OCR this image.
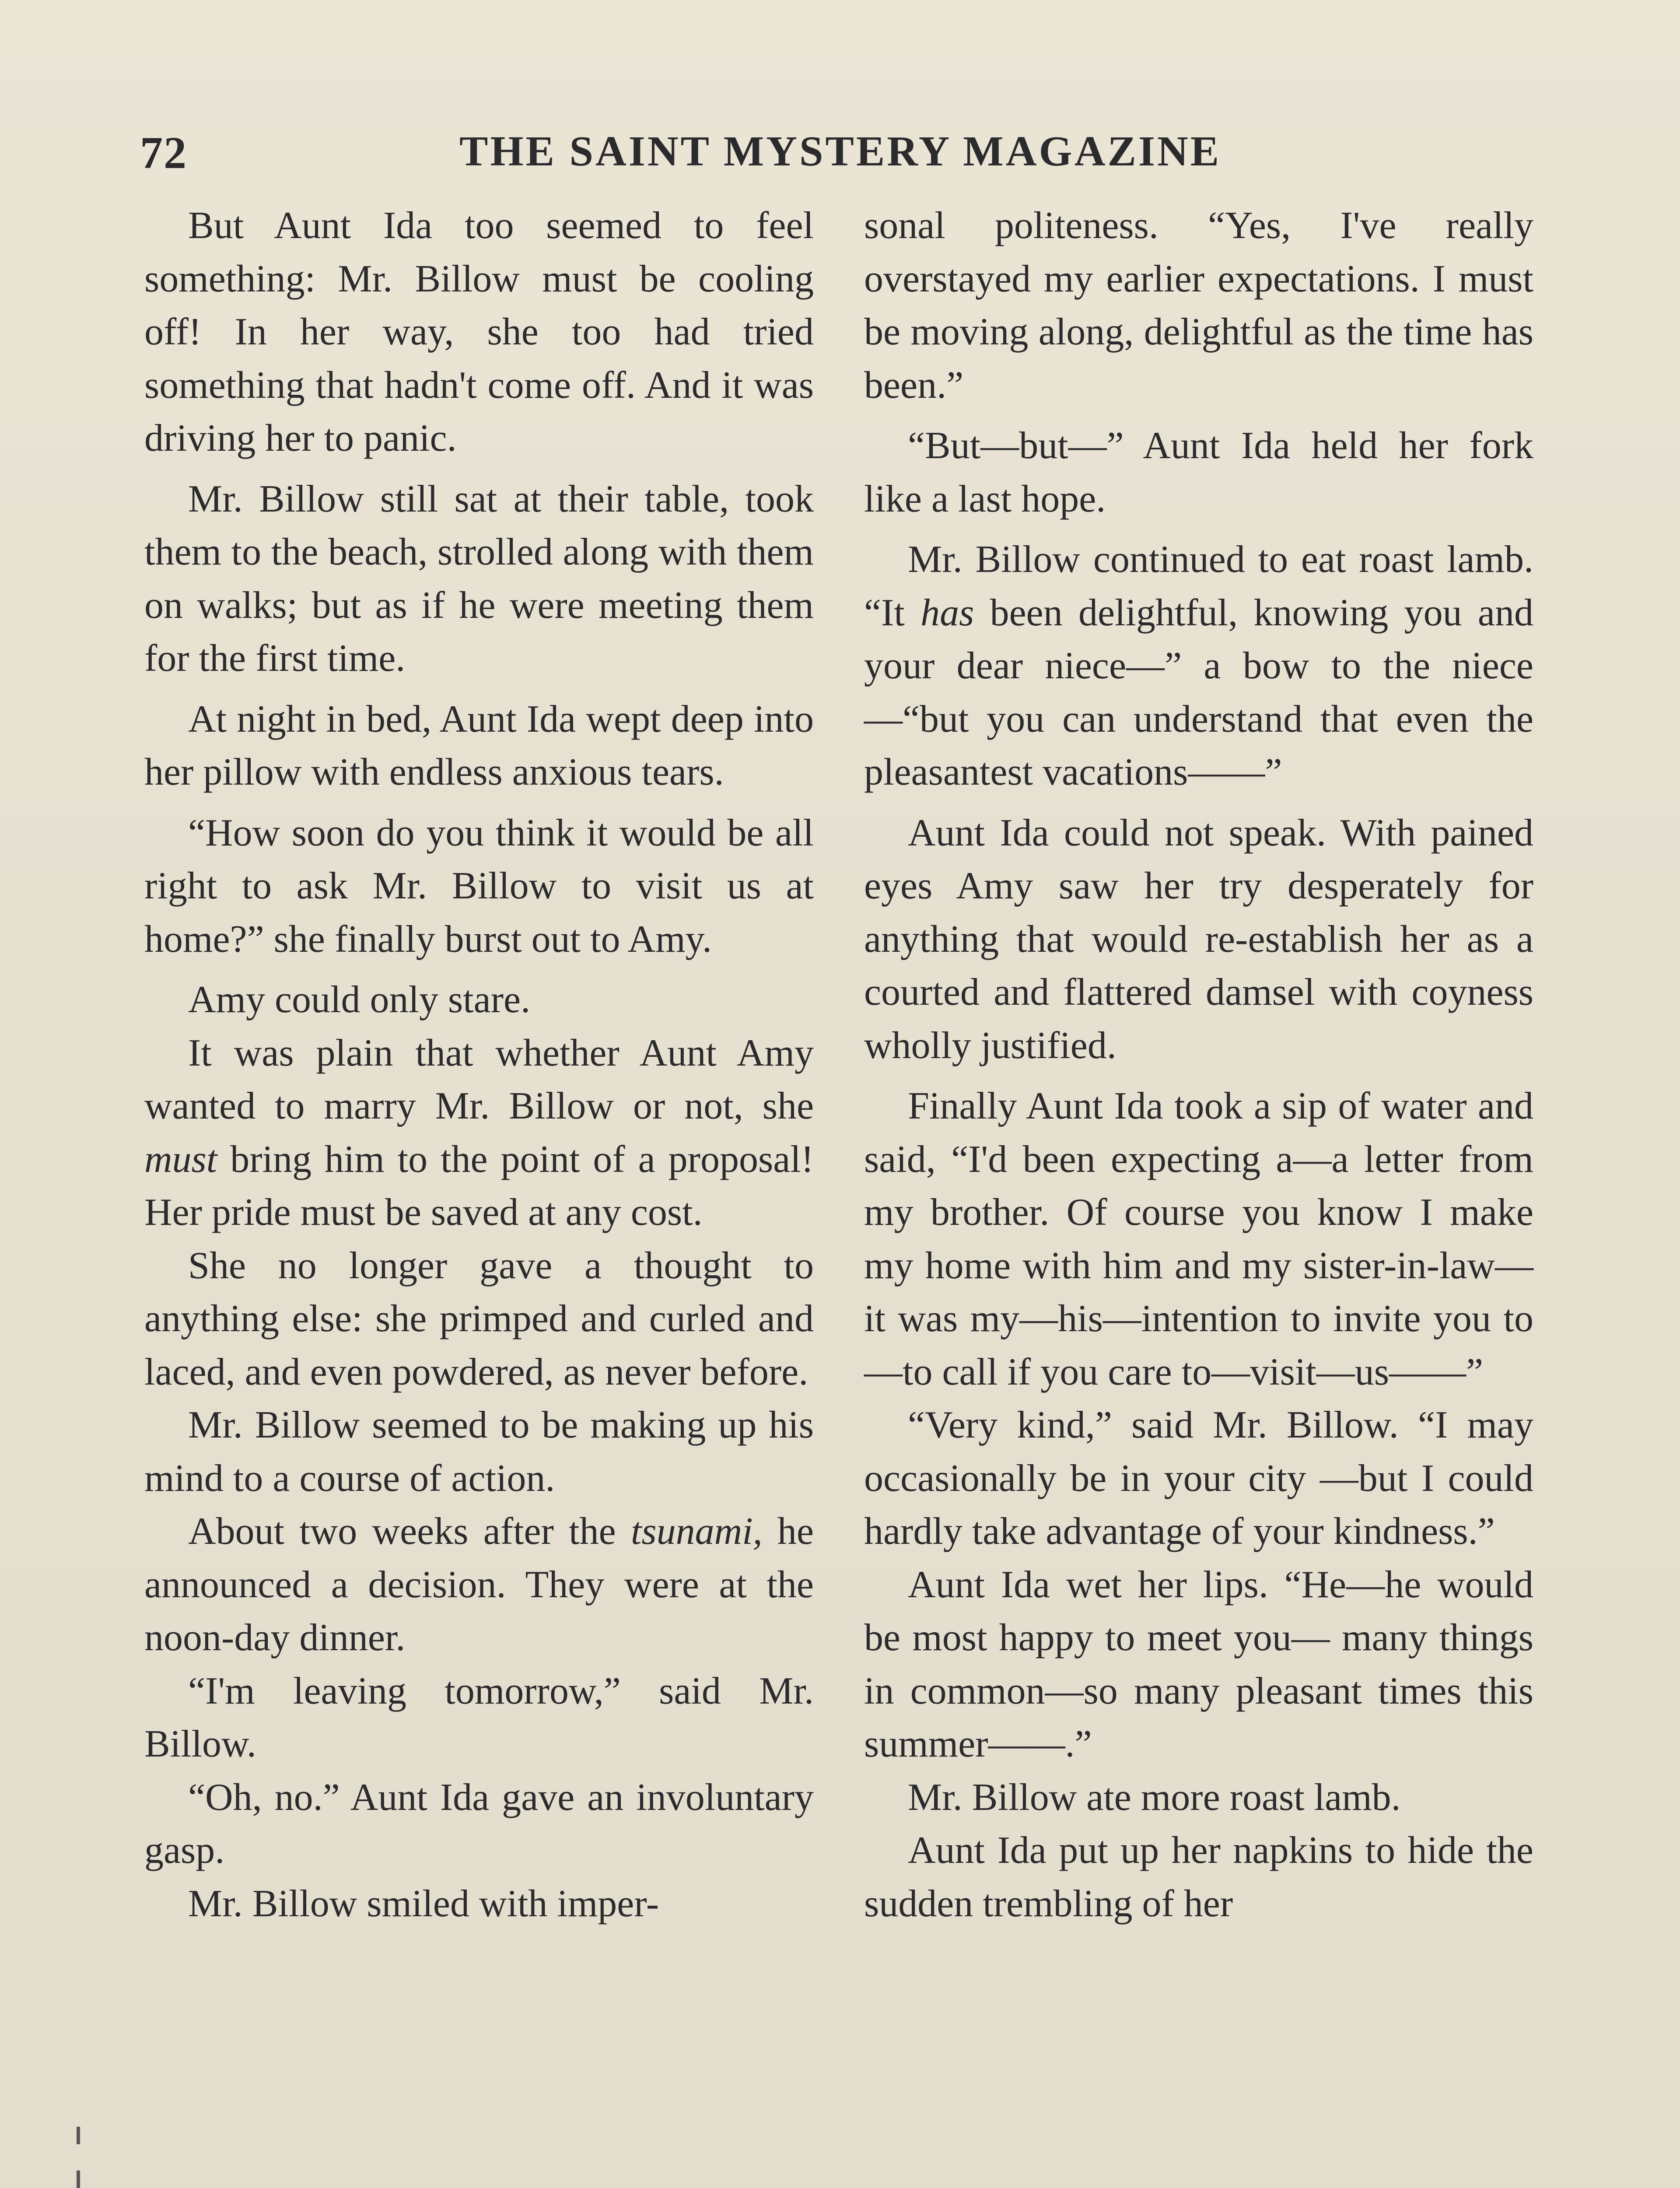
72	THE SAINT MYSTERY MAGAZINE

But Aunt Ida too seemed to feel something: Mr. Billow must be cooling off! In her way, she too had tried something that hadn't come off. And it was driving her to panic.

Mr. Billow still sat at their table, took them to the beach, strolled along with them on walks; but as if he were meeting them for the first time.

At night in bed, Aunt Ida wept deep into her pillow with endless anxious tears.

“How soon do you think it would be all right to ask Mr. Billow to visit us at home?” she finally burst out to Amy.

Amy could only stare.

It was plain that whether Aunt Amy wanted to marry Mr. Billow or not, she must bring him to the point of a proposal! Her pride must be saved at any cost.

She no longer gave a thought to anything else: she primped and curled and laced, and even powdered, as never before.

Mr. Billow seemed to be making up his mind to a course of action.

About two weeks after the tsunami, he announced a decision. They were at the noon-day dinner.

“I'm leaving tomorrow,” said Mr. Billow.

“Oh, no.” Aunt Ida gave an involuntary gasp.

Mr. Billow smiled with imper-

sonal politeness. “Yes, I've really overstayed my earlier expectations. I must be moving along, delightful as the time has been.”

“But—but—” Aunt Ida held her fork like a last hope.

Mr. Billow continued to eat roast lamb. “It has been delightful, knowing you and your dear niece—” a bow to the niece—“but you can understand that even the pleasantest vacations——”

Aunt Ida could not speak. With pained eyes Amy saw her try desperately for anything that would re-establish her as a courted and flattered damsel with coyness wholly justified.

Finally Aunt Ida took a sip of water and said, “I'd been expecting a—a letter from my brother. Of course you know I make my home with him and my sister-in-law—it was my—his—intention to invite you to—to call if you care to—visit—us——”

“Very kind,” said Mr. Billow. “I may occasionally be in your city —but I could hardly take advantage of your kindness.”

Aunt Ida wet her lips. “He—he would be most happy to meet you— many things in common—so many pleasant times this summer——.”

Mr. Billow ate more roast lamb.

Aunt Ida put up her napkins to hide the sudden trembling of her
